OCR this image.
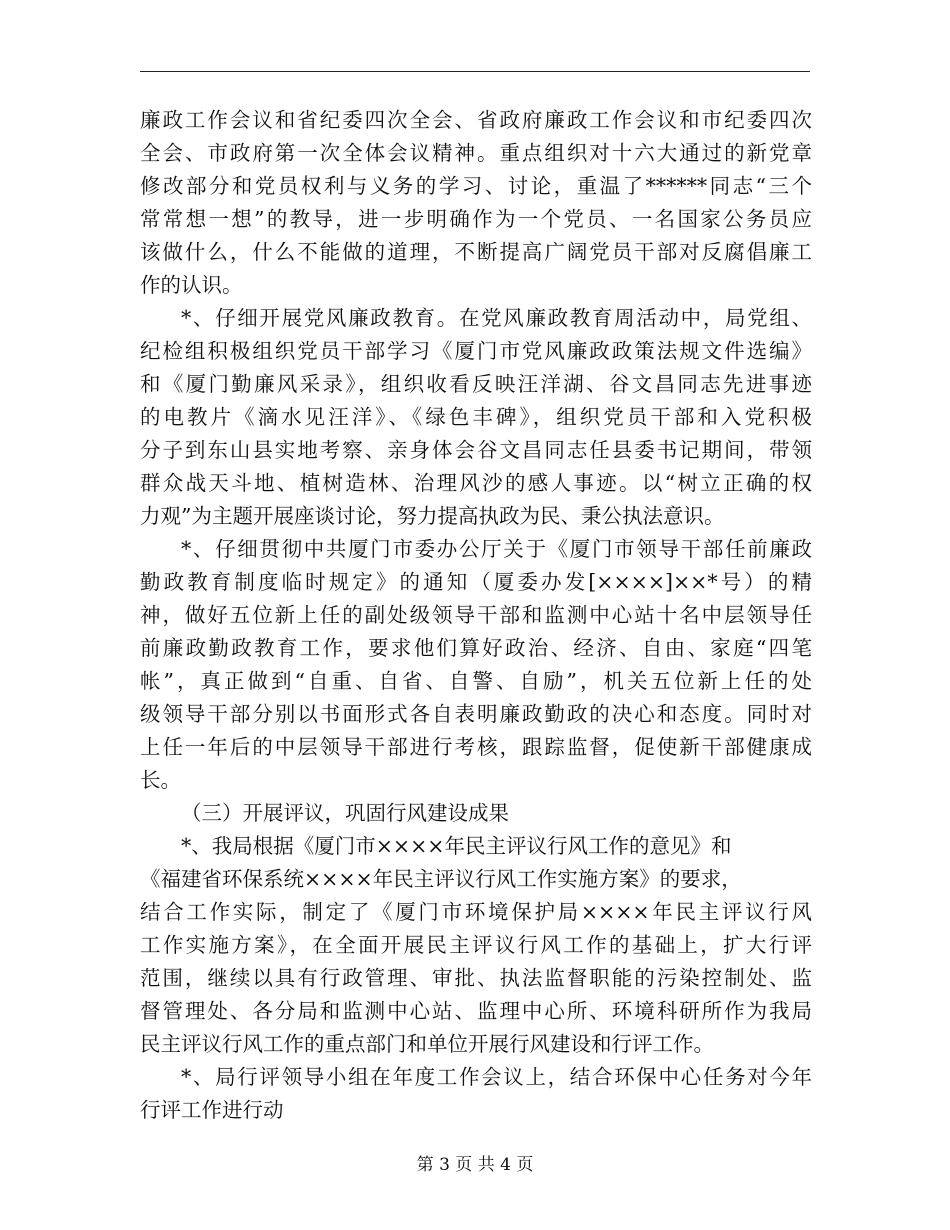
廉政工作会议和省纪委四次全会、省政府廉政工作会议和市纪委四次
全会、市政府第一次全体会议精神。重点组织对十六大通过的新党章
修改部分和党员权利与义务的学习、讨论，重温了******同志“三个
常常想一想”的教导，进一步明确作为一个党员、一名国家公务员应
该做什么，什么不能做的道理，不断提高广阔党员干部对反腐倡廉工
作的认识。
*、仔细开展党风廉政教育。在党风廉政教育周活动中，局党组、
纪检组积极组织党员干部学习《厦门市党风廉政政策法规文件选编》
和《厦门勤廉风采录》，组织收看反映汪洋湖、谷文昌同志先进事迹
的电教片《滴水见汪洋》、《绿色丰碑》，组织党员干部和入党积极
分子到东山县实地考察、亲身体会谷文昌同志任县委书记期间，带领
群众战天斗地、植树造林、治理风沙的感人事迹。以“树立正确的权
力观”为主题开展座谈讨论，努力提高执政为民、秉公执法意识。
*、仔细贯彻中共厦门市委办公厅关于《厦门市领导干部任前廉政
勤政教育制度临时规定》的通知（厦委办发[××××]××*号）的精
神，做好五位新上任的副处级领导干部和监测中心站十名中层领导任
前廉政勤政教育工作，要求他们算好政治、经济、自由、家庭“四笔
帐”，真正做到“自重、自省、自警、自励”，机关五位新上任的处
级领导干部分别以书面形式各自表明廉政勤政的决心和态度。同时对
上任一年后的中层领导干部进行考核，跟踪监督，促使新干部健康成
长。
（三）开展评议，巩固行风建设成果
*、我局根据《厦门市××××年民主评议行风工作的意见》和
《福建省环保系统××××年民主评议行风工作实施方案》的要求，
结合工作实际，制定了《厦门市环境保护局××××年民主评议行风
工作实施方案》，在全面开展民主评议行风工作的基础上，扩大行评
范围，继续以具有行政管理、审批、执法监督职能的污染控制处、监
督管理处、各分局和监测中心站、监理中心所、环境科研所作为我局
民主评议行风工作的重点部门和单位开展行风建设和行评工作。
*、局行评领导小组在年度工作会议上，结合环保中心任务对今年
行评工作进行动
第 3 页 共 4 页
